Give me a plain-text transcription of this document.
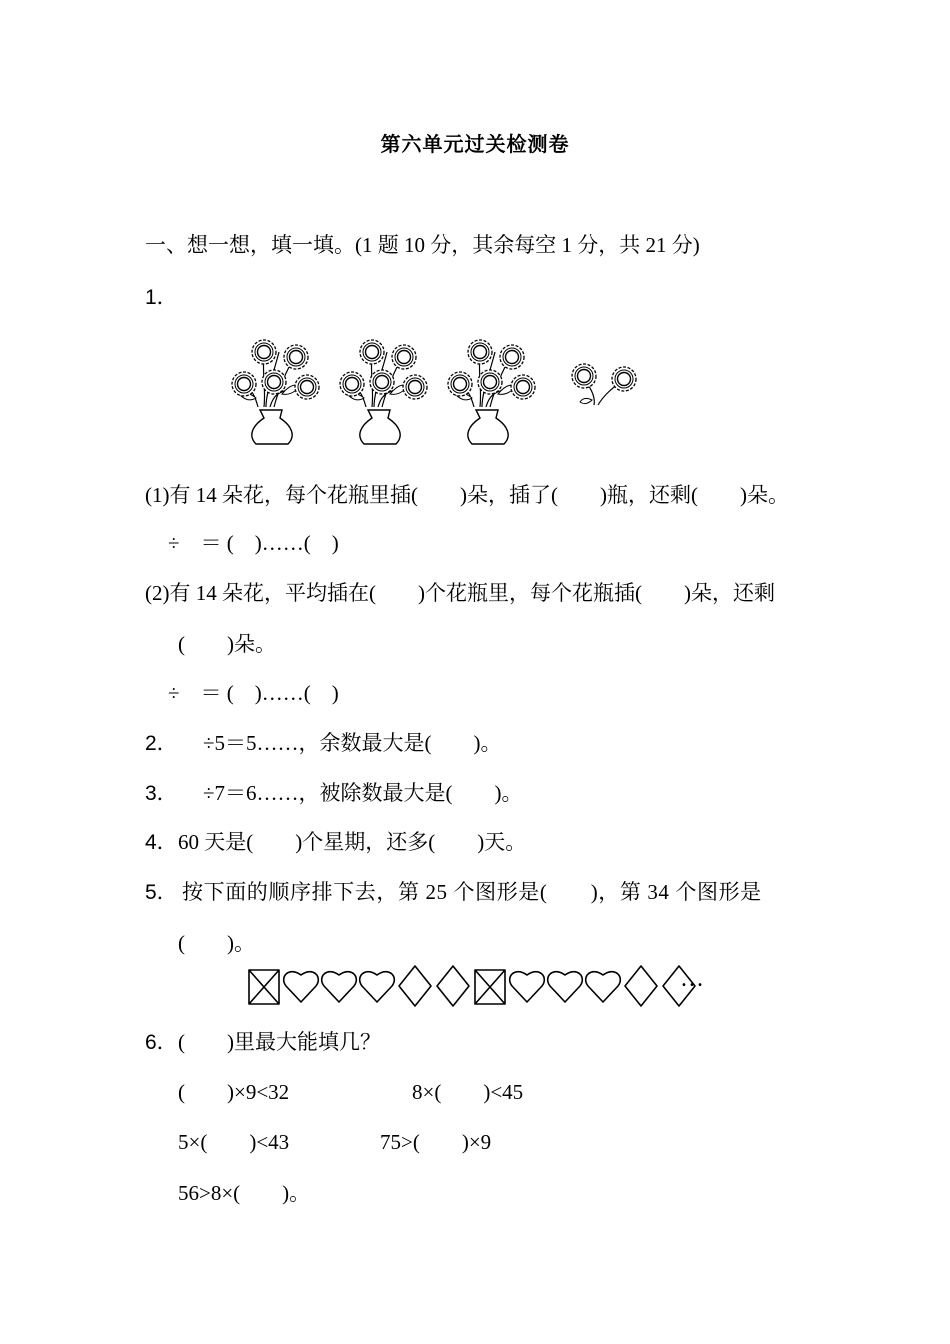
第六单元过关检测卷
一、想一想，填一填。(1 题 10 分，其余每空 1 分，共 21 分)
1．
(1)有 14 朵花，每个花瓶里插(　　)朵，插了(　　)瓶，还剩(　　)朵。
÷　＝ (　)……(　)
(2)有 14 朵花，平均插在(　　)个花瓶里，每个花瓶插(　　)朵，还剩
(　　)朵。
÷　＝ (　)……(　)
2． ÷5＝5……，余数最大是(　　)。
3． ÷7＝6……，被除数最大是(　　)。
4． 60 天是(　　)个星期，还多(　　)天。
5． 按下面的顺序排下去，第 25 个图形是(　　)，第 34 个图形是
(　　)。
…
6． (　　)里最大能填几？
(　　)×9<32	8×(　　)<45
5×(　　)<43	75>(　　)×9
56>8×(　　)。
